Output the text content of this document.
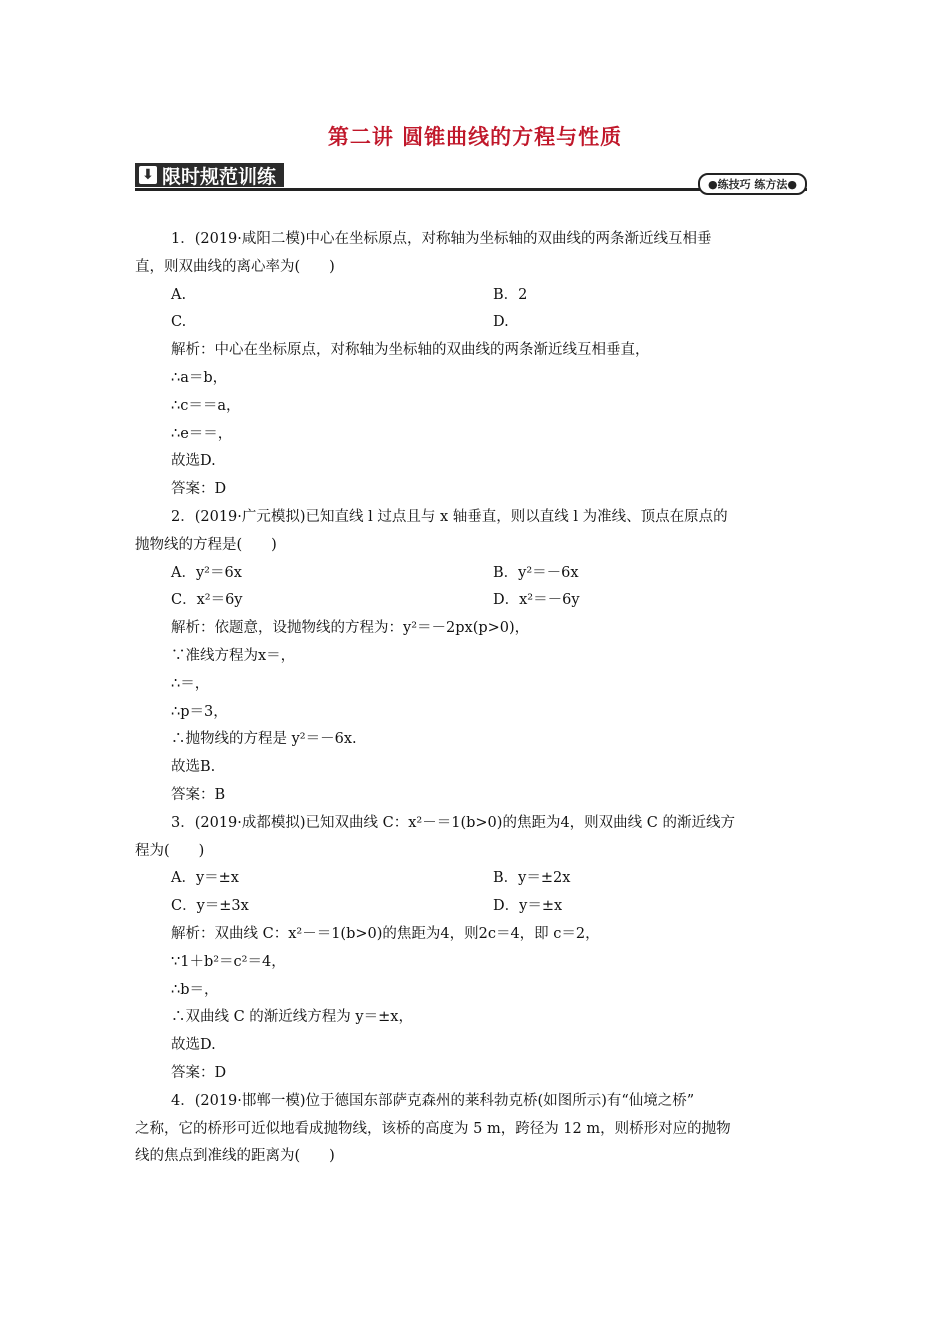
第二讲 圆锥曲线的方程与性质
⬇ 限时规范训练	●练技巧 练方法●
1．(2019·咸阳二模)中心在坐标原点，对称轴为坐标轴的双曲线的两条渐近线互相垂
直，则双曲线的离心率为(　　)
A.	B．2
C.	D.
解析：中心在坐标原点，对称轴为坐标轴的双曲线的两条渐近线互相垂直，
∴a＝b，
∴c＝＝a，
∴e＝＝，
故选D.
答案：D
2．(2019·广元模拟)已知直线 l 过点且与 x 轴垂直，则以直线 l 为准线、顶点在原点的
抛物线的方程是(　　)
A．y²＝6x	B．y²＝－6x
C．x²＝6y	D．x²＝－6y
解析：依题意，设抛物线的方程为：y²＝－2px(p>0)，
∵准线方程为x＝，
∴＝，
∴p＝3，
∴抛物线的方程是 y²＝－6x.
故选B.
答案：B
3．(2019·成都模拟)已知双曲线 C：x²－＝1(b>0)的焦距为4，则双曲线 C 的渐近线方
程为(　　)
A．y＝±x	B．y＝±2x
C．y＝±3x	D．y＝±x
解析：双曲线 C：x²－＝1(b>0)的焦距为4，则2c＝4，即 c＝2，
∵1＋b²＝c²＝4，
∴b＝，
∴双曲线 C 的渐近线方程为 y＝±x，
故选D.
答案：D
4．(2019·邯郸一模)位于德国东部萨克森州的莱科勃克桥(如图所示)有“仙境之桥”
之称，它的桥形可近似地看成抛物线，该桥的高度为 5 m，跨径为 12 m，则桥形对应的抛物
线的焦点到准线的距离为(　　)
